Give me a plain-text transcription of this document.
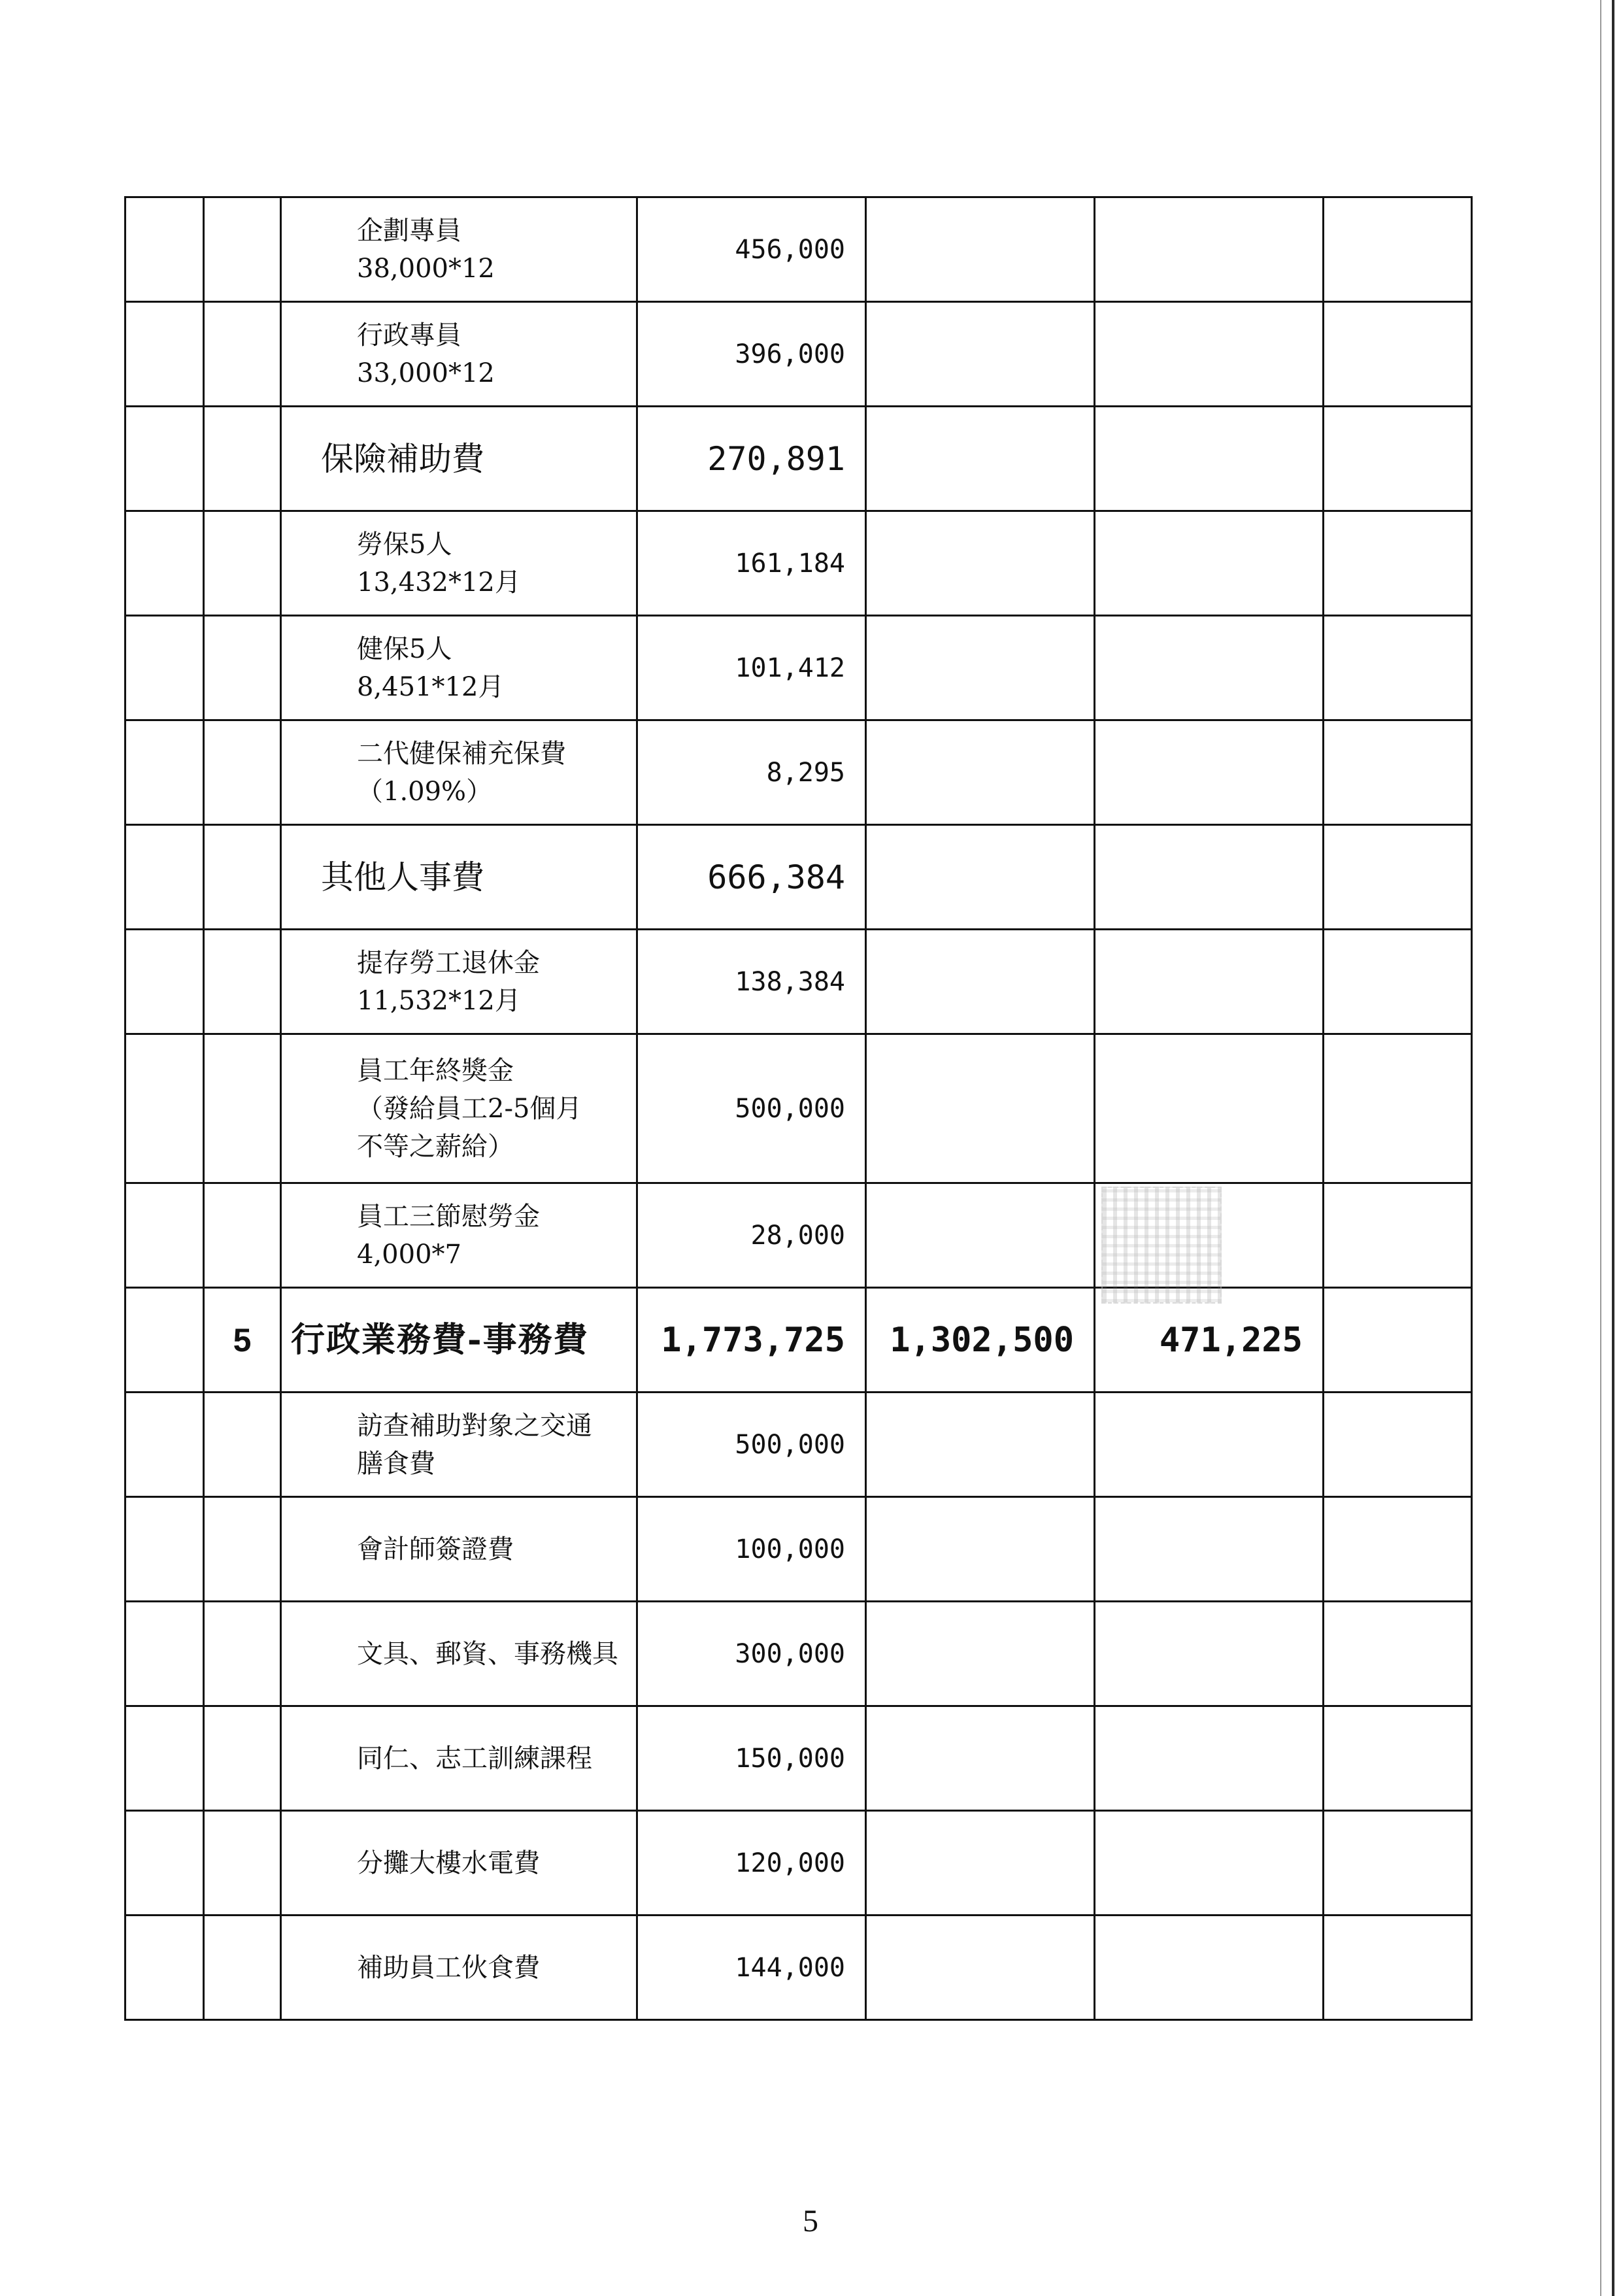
		企劃專員
38,000*12	456,000			
		行政專員
33,000*12	396,000			
		保險補助費	270,891			
		勞保5人
13,432*12月	161,184			
		健保5人
8,451*12月	101,412			
		二代健保補充保費
（1.09%）	8,295			
		其他人事費	666,384			
		提存勞工退休金
11,532*12月	138,384			
		員工年終獎金
（發給員工2-5個月
不等之薪給）	500,000			
		員工三節慰勞金
4,000*7	28,000			
	5	行政業務費-事務費	1,773,725	1,302,500	471,225	
		訪查補助對象之交通
膳食費	500,000			
		會計師簽證費	100,000			
		文具、郵資、事務機具	300,000			
		同仁、志工訓練課程	150,000			
		分攤大樓水電費	120,000			
		補助員工伙食費	144,000			
5
